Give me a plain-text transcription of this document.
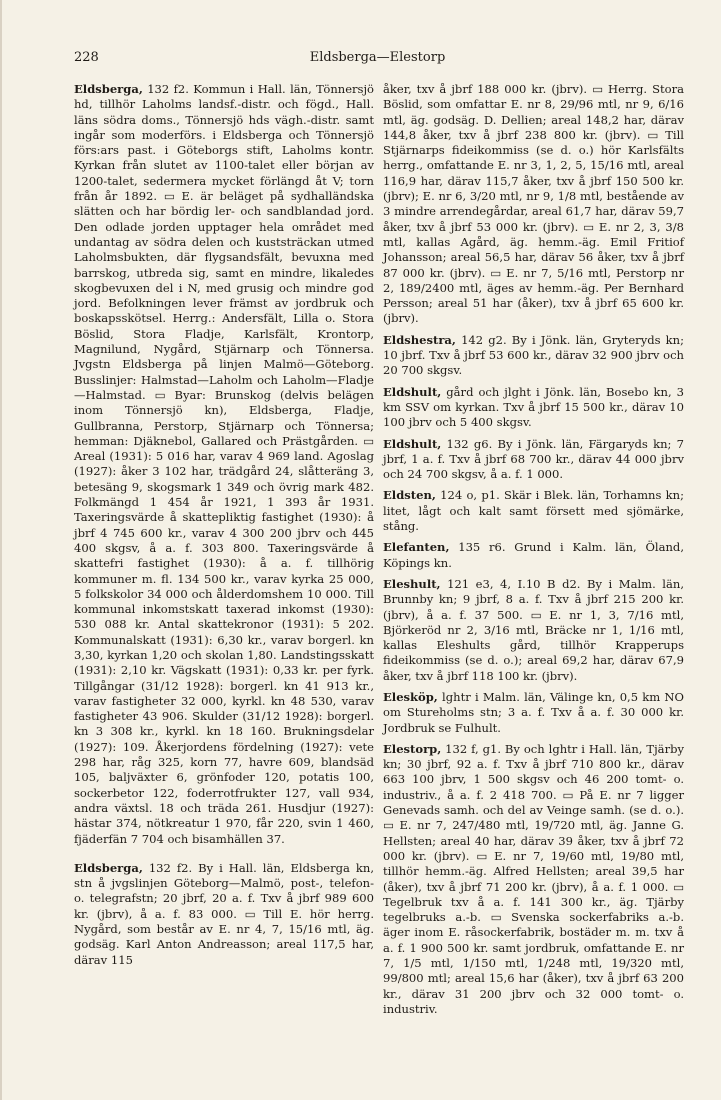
228	Eldsberga—Elestorp

Eldsberga, 132 f2. Kommun i Hall. län, Tönnersjö hd, tillhör Laholms landsf.-distr. och fögd., Hall. läns södra doms., Tönnersjö hds vägh.-distr. samt ingår som moderförs. i Eldsberga och Tönnersjö förs:ars past. i Göteborgs stift, Laholms kontr. Kyrkan från slutet av 1100-talet eller början av 1200-talet, sedermera mycket förlängd åt V; torn från år 1892. ▭ E. är beläget på sydhalländska slätten och har bördig ler- och sandblandad jord. Den odlade jorden upptager hela området med undantag av södra delen och kuststräckan utmed Laholmsbukten, där flygsandsfält, bevuxna med barrskog, utbreda sig, samt en mindre, likaledes skogbevuxen del i N, med grusig och mindre god jord. Befolkningen lever främst av jordbruk och boskapsskötsel. Herrg.: Andersfält, Lilla o. Stora Böslid, Stora Fladje, Karlsfält, Krontorp, Magnilund, Nygård, Stjärnarp och Tönnersa. Jvgstn Eldsberga på linjen Malmö—Göteborg. Busslinjer: Halmstad—Laholm och Laholm—Fladje —Halmstad. ▭ Byar: Brunskog (delvis belägen inom Tönnersjö kn), Eldsberga, Fladje, Gullbranna, Perstorp, Stjärnarp och Tönnersa; hemman: Djäknebol, Gallared och Prästgården. ▭ Areal (1931): 5 016 har, varav 4 969 land. Agoslag (1927): åker 3 102 har, trädgård 24, slåtteräng 3, betesäng 9, skogsmark 1 349 och övrig mark 482. Folkmängd 1 454 år 1921, 1 393 år 1931. Taxeringsvärde å skattepliktig fastighet (1930): å jbrf 4 745 600 kr., varav 4 300 200 jbrv och 445 400 skgsv, å a. f. 303 800. Taxeringsvärde å skattefri fastighet (1930): å a. f. tillhörig kommuner m. fl. 134 500 kr., varav kyrka 25 000, 5 folkskolor 34 000 och ålderdomshem 10 000. Till kommunal inkomstskatt taxerad inkomst (1930): 530 088 kr. Antal skattekronor (1931): 5 202. Kommunalskatt (1931): 6,30 kr., varav borgerl. kn 3,30, kyrkan 1,20 och skolan 1,80. Landstingsskatt (1931): 2,10 kr. Vägskatt (1931): 0,33 kr. per fyrk. Tillgångar (31/12 1928): borgerl. kn 41 913 kr., varav fastigheter 32 000, kyrkl. kn 48 530, varav fastigheter 43 906. Skulder (31/12 1928): borgerl. kn 3 308 kr., kyrkl. kn 18 160. Brukningsdelar (1927): 109. Åkerjordens fördelning (1927): vete 298 har, råg 325, korn 77, havre 609, blandsäd 105, baljväxter 6, grönfoder 120, potatis 100, sockerbetor 122, foderrotfrukter 127, vall 934, andra växtsl. 18 och träda 261. Husdjur (1927): hästar 374, nötkreatur 1 970, får 220, svin 1 460, fjäderfän 7 704 och bisamhällen 37.

Eldsberga, 132 f2. By i Hall. län, Eldsberga kn, stn å jvgslinjen Göteborg—Malmö, post-, telefon- o. telegrafstn; 20 jbrf, 20 a. f. Txv å jbrf 989 600 kr. (jbrv), å a. f. 83 000. ▭ Till E. hör herrg. Nygård, som består av E. nr 4, 7, 15/16 mtl, äg. godsäg. Karl Anton Andreasson; areal 117,5 har, därav 115

åker, txv å jbrf 188 000 kr. (jbrv). ▭ Herrg. Stora Böslid, som omfattar E. nr 8, 29/96 mtl, nr 9, 6/16 mtl, äg. godsäg. D. Dellien; areal 148,2 har, därav 144,8 åker, txv å jbrf 238 800 kr. (jbrv). ▭ Till Stjärnarps fideikommiss (se d. o.) hör Karlsfälts herrg., omfattande E. nr 3, 1, 2, 5, 15/16 mtl, areal 116,9 har, därav 115,7 åker, txv å jbrf 150 500 kr. (jbrv); E. nr 6, 3/20 mtl, nr 9, 1/8 mtl, bestående av 3 mindre arrendegårdar, areal 61,7 har, därav 59,7 åker, txv å jbrf 53 000 kr. (jbrv). ▭ E. nr 2, 3, 3/8 mtl, kallas Agård, äg. hemm.-äg. Emil Fritiof Johansson; areal 56,5 har, därav 56 åker, txv å jbrf 87 000 kr. (jbrv). ▭ E. nr 7, 5/16 mtl, Perstorp nr 2, 189/2400 mtl, äges av hemm.-äg. Per Bernhard Persson; areal 51 har (åker), txv å jbrf 65 600 kr. (jbrv).

Eldshestra, 142 g2. By i Jönk. län, Gryteryds kn; 10 jbrf. Txv å jbrf 53 600 kr., därav 32 900 jbrv och 20 700 skgsv.

Eldshult, gård och jlght i Jönk. län, Bosebo kn, 3 km SSV om kyrkan. Txv å jbrf 15 500 kr., därav 10 100 jbrv och 5 400 skgsv.

Eldshult, 132 g6. By i Jönk. län, Färgaryds kn; 7 jbrf, 1 a. f. Txv å jbrf 68 700 kr., därav 44 000 jbrv och 24 700 skgsv, å a. f. 1 000.

Eldsten, 124 o, p1. Skär i Blek. län, Torhamns kn; litet, lågt och kalt samt försett med sjömärke, stång.

Elefanten, 135 r6. Grund i Kalm. län, Öland, Köpings kn.

Eleshult, 121 e3, 4, I.10 B d2. By i Malm. län, Brunnby kn; 9 jbrf, 8 a. f. Txv å jbrf 215 200 kr. (jbrv), å a. f. 37 500. ▭ E. nr 1, 3, 7/16 mtl, Björkeröd nr 2, 3/16 mtl, Bräcke nr 1, 1/16 mtl, kallas Eleshults gård, tillhör Krapperups fideikommiss (se d. o.); areal 69,2 har, därav 67,9 åker, txv å jbrf 118 100 kr. (jbrv).

Elesköp, lghtr i Malm. län, Välinge kn, 0,5 km NO om Stureholms stn; 3 a. f. Txv å a. f. 30 000 kr. Jordbruk se Fulhult.

Elestorp, 132 f, g1. By och lghtr i Hall. län, Tjärby kn; 30 jbrf, 92 a. f. Txv å jbrf 710 800 kr., därav 663 100 jbrv, 1 500 skgsv och 46 200 tomt- o. industriv., å a. f. 2 418 700. ▭ På E. nr 7 ligger Genevads samh. och del av Veinge samh. (se d. o.). ▭ E. nr 7, 247/480 mtl, 19/720 mtl, äg. Janne G. Hellsten; areal 40 har, därav 39 åker, txv å jbrf 72 000 kr. (jbrv). ▭ E. nr 7, 19/60 mtl, 19/80 mtl, tillhör hemm.-äg. Alfred Hellsten; areal 39,5 har (åker), txv å jbrf 71 200 kr. (jbrv), å a. f. 1 000. ▭ Tegelbruk txv å a. f. 141 300 kr., äg. Tjärby tegelbruks a.-b. ▭ Svenska sockerfabriks a.-b. äger inom E. råsockerfabrik, bostäder m. m. txv å a. f. 1 900 500 kr. samt jordbruk, omfattande E. nr 7, 1/5 mtl, 1/150 mtl, 1/248 mtl, 19/320 mtl, 99/800 mtl; areal 15,6 har (åker), txv å jbrf 63 200 kr., därav 31 200 jbrv och 32 000 tomt- o. industriv.
